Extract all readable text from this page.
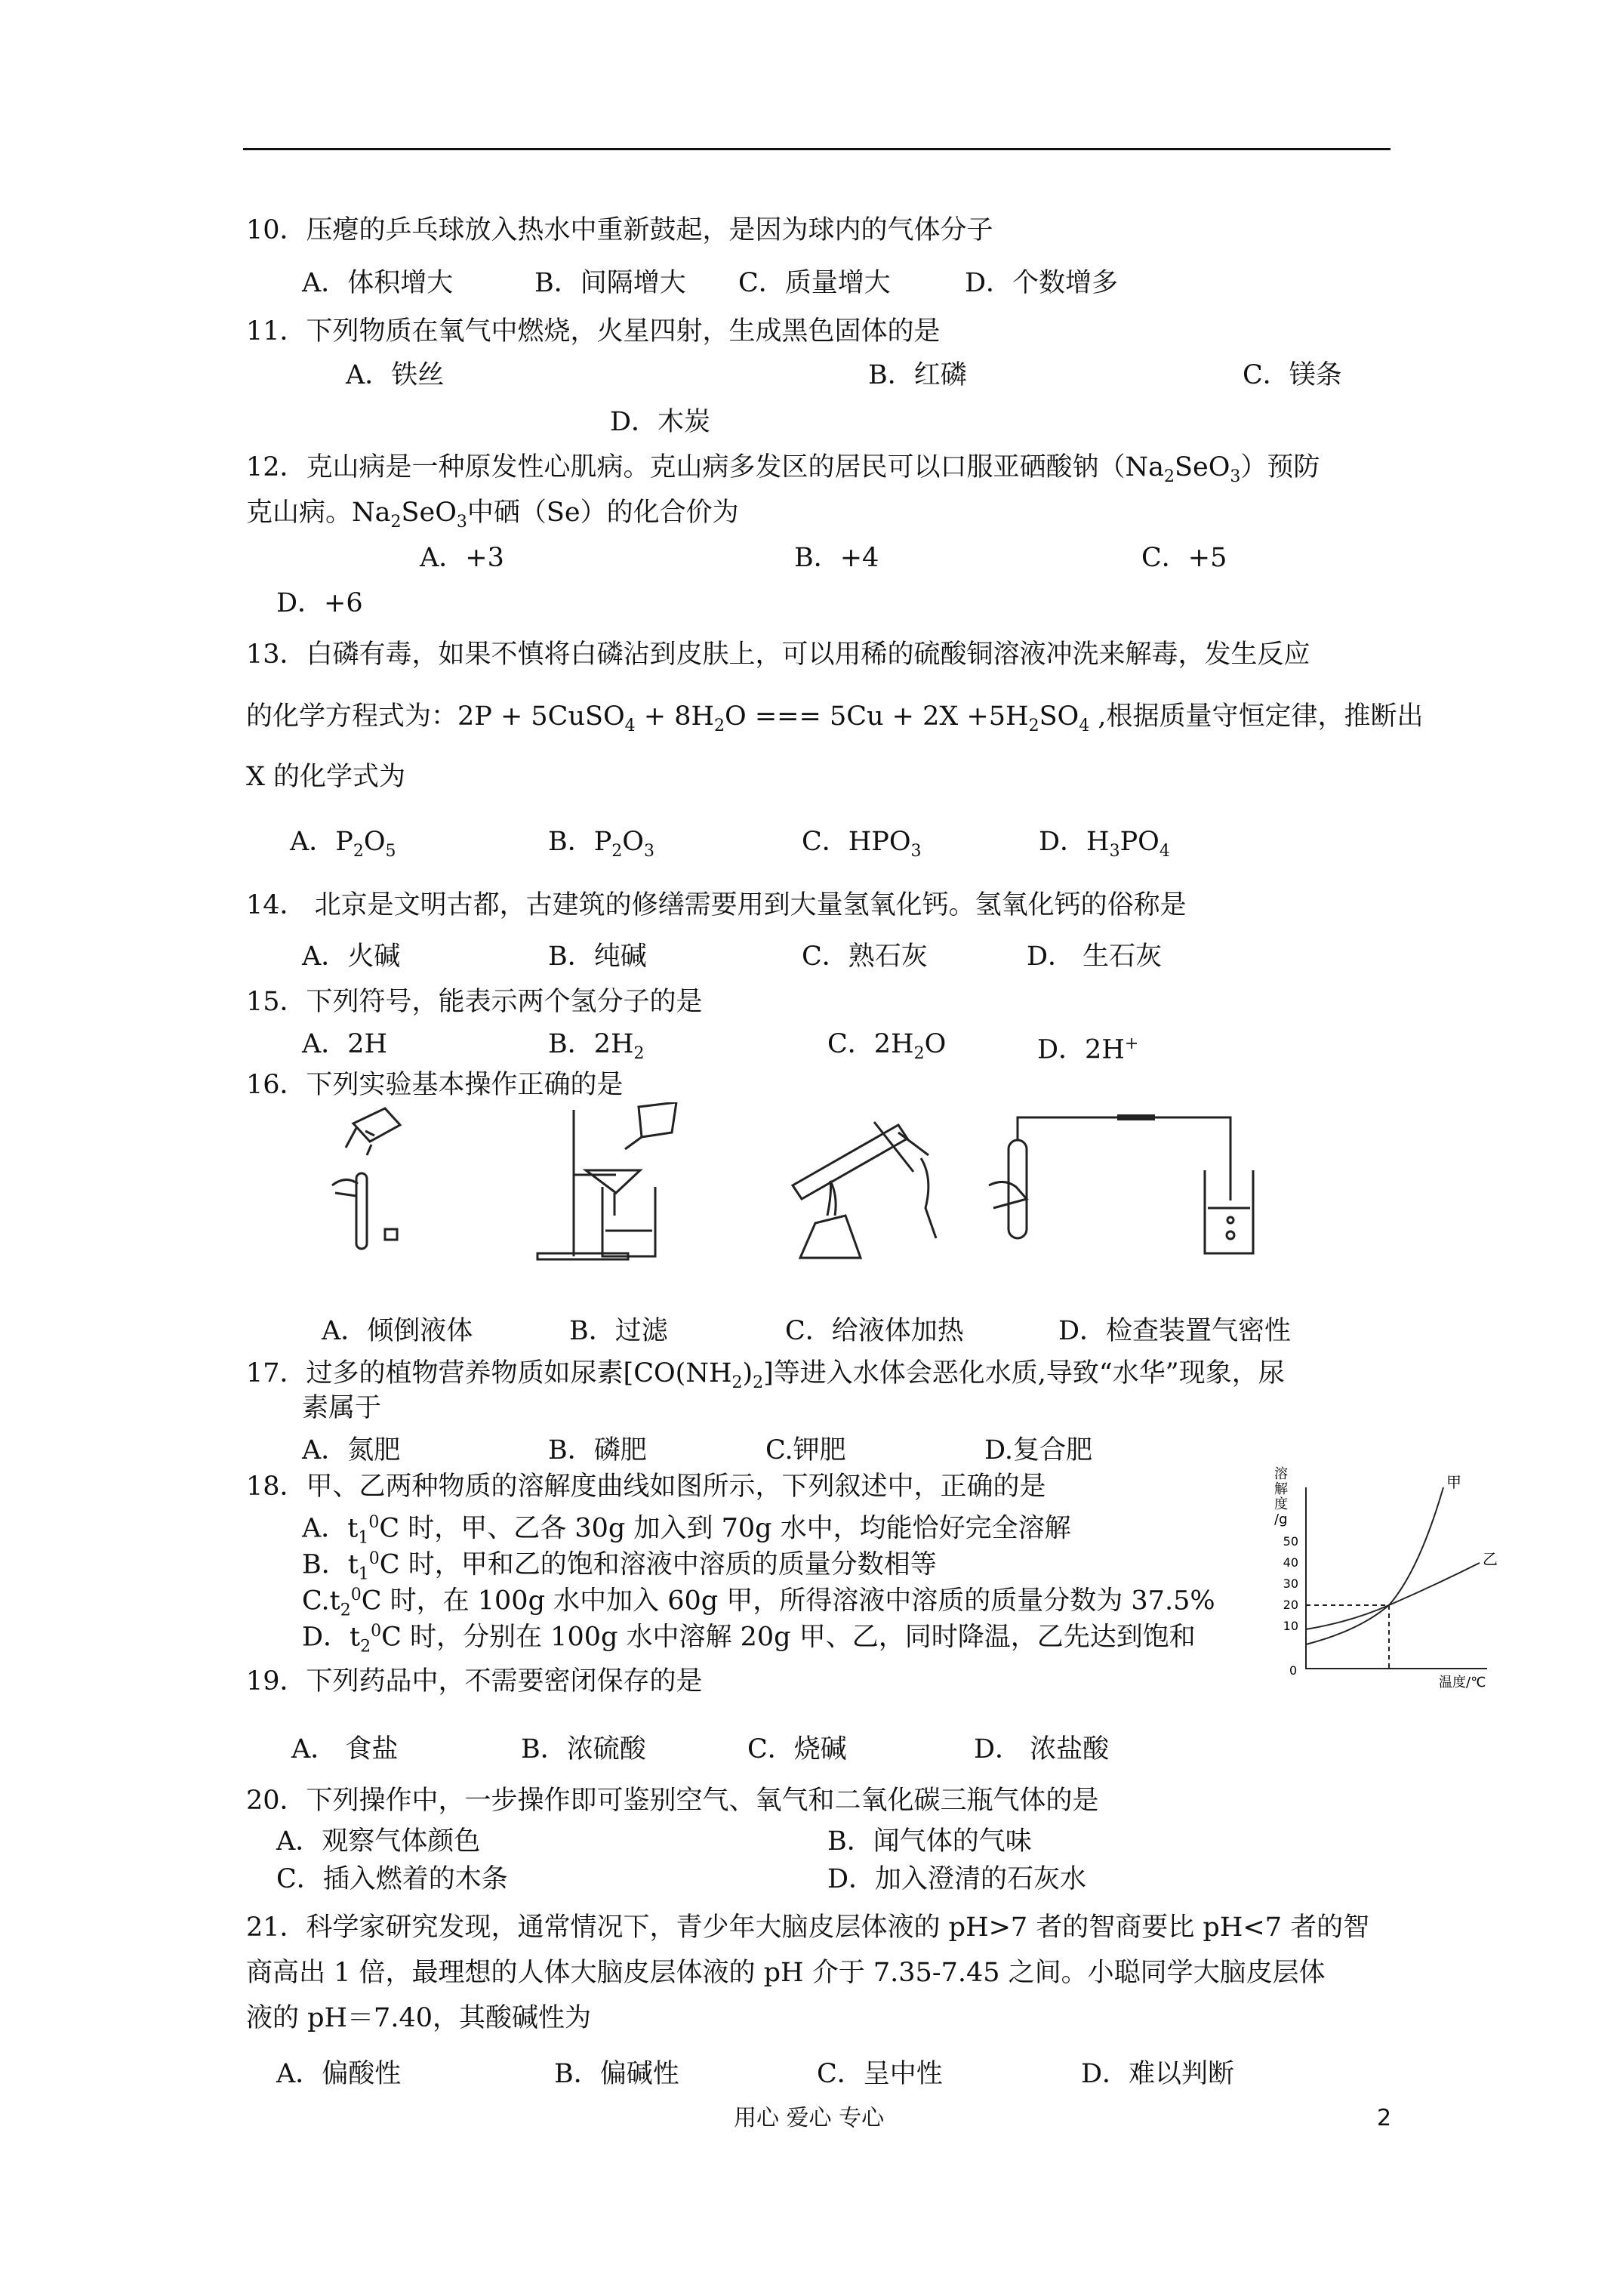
10．压瘪的乒乓球放入热水中重新鼓起，是因为球内的气体分子
A．体积增大	B．间隔增大 C．质量增大	D．个数增多
11．下列物质在氧气中燃烧，火星四射，生成黑色固体的是
A．铁丝	B．红磷	C．镁条
D．木炭
12．克山病是一种原发性心肌病。克山病多发区的居民可以口服亚硒酸钠$(Na_2SeO_3)$预防
克山病。$Na_2SeO_3$中硒（Se）的化合价为
A．+3	B．+4	C．+5
D．+6
13．白磷有毒，如果不慎将白磷沾到皮肤上，可以用稀的硫酸铜溶液冲洗来解毒，发生反应
的化学方程式为：2P + 5CuSO$_4$ + $8H_2O$ === $5Cu + 2X +5H_2SO_4$ ,根据质量守恒定律，推断出
X 的化学式为
A．$P_2O_5$	B．$P_2O_3$	C．$HPO_3$	D．$H_3PO_4$
14． 北京是文明古都，古建筑的修缮需要用到大量氢氧化钙。氢氧化钙的俗称是
A．火碱	B．纯碱	C．熟石灰	D． 生石灰
15．下列符号，能表示两个氢分子的是
A．2H	B．$2H_2$	C．$2H_2O$	D．2H+
16．下列实验基本操作正确的是
A．倾倒液体	B．过滤	C．给液体加热	D．检查装置气密性
17．过多的植物营养物质如尿素$[CO(NH_2)_2]$等进入水体会恶化水质,导致“水华”现象，尿
素属于
A．氮肥	B．磷肥	C.钾肥	D.复合肥
18．甲、乙两种物质的溶解度曲线如图所示，下列叙述中，正确的是
A．$t_1^0C$ 时，甲、乙各 30g 加入到 70g 水中，均能恰好完全溶解
B．$t_1^0C$ 时，甲和乙的饱和溶液中溶质的质量分数相等
$C.t_2^0C$ 时，在 100g 水中加入 60g 甲，所得溶液中溶质的质量分数为 37.5%
D．$t_2^0C$ 时，分别在 100g 水中溶解 20g 甲、乙，同时降温，乙先达到饱和
溶
解
度
/g
50
40
30
20
10
0
温度/℃
甲
乙
19．下列药品中，不需要密闭保存的是
A． 食盐	B．浓硫酸	C．烧碱	D． 浓盐酸
20．下列操作中，一步操作即可鉴别空气、氧气和二氧化碳三瓶气体的是
A．观察气体颜色	B．闻气体的气味
C．插入燃着的木条	D．加入澄清的石灰水
21．科学家研究发现，通常情况下，青少年大脑皮层体液的 pH>7 者的智商要比 pH<7 者的智
商高出 1 倍，最理想的人体大脑皮层体液的 pH 介于 7.35-7.45 之间。小聪同学大脑皮层体
液的 pH＝7.40，其酸碱性为
A．偏酸性	B．偏碱性	C．呈中性	D．难以判断
用心 爱心 专心	2
